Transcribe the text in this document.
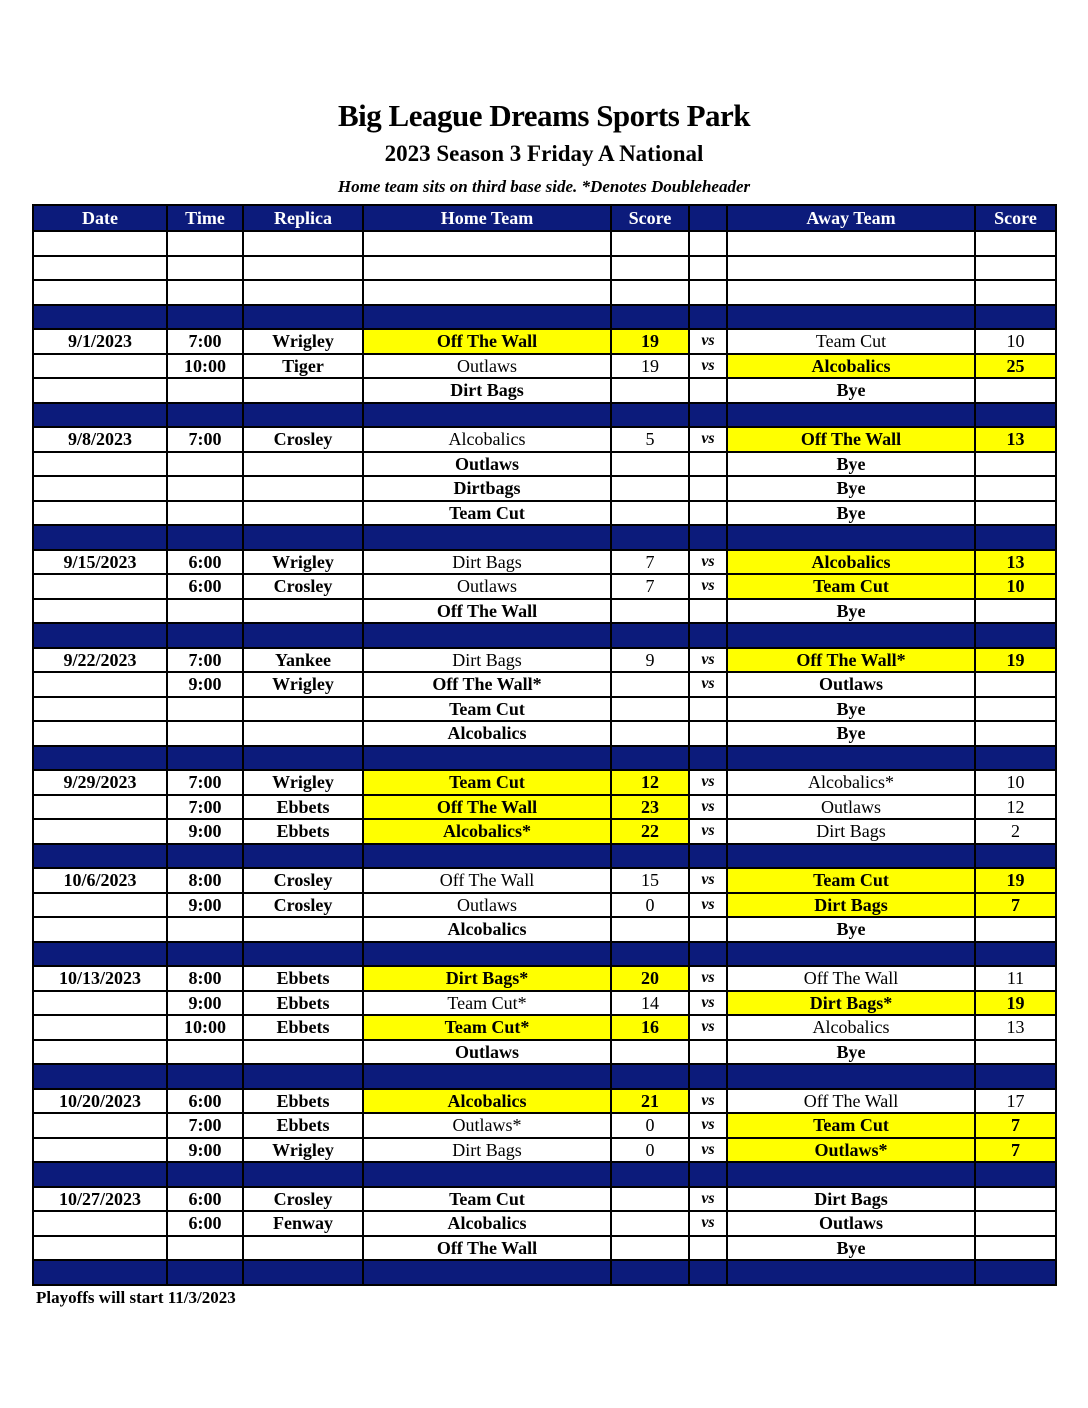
Big League Dreams Sports Park
2023 Season 3 Friday A National
Home team sits on third base side. *Denotes Doubleheader
Date	Time	Replica	Home Team	Score		Away Team	Score

9/1/2023	7:00	Wrigley	Off The Wall	19	vs	Team Cut	10
	10:00	Tiger	Outlaws	19	vs	Alcobalics	25
			Dirt Bags			Bye	

9/8/2023	7:00	Crosley	Alcobalics	5	vs	Off The Wall	13
			Outlaws			Bye	
			Dirtbags			Bye	
			Team Cut			Bye	

9/15/2023	6:00	Wrigley	Dirt Bags	7	vs	Alcobalics	13
	6:00	Crosley	Outlaws	7	vs	Team Cut	10
			Off The Wall			Bye	

9/22/2023	7:00	Yankee	Dirt Bags	9	vs	Off The Wall*	19
	9:00	Wrigley	Off The Wall*		vs	Outlaws	
			Team Cut			Bye	
			Alcobalics			Bye	

9/29/2023	7:00	Wrigley	Team Cut	12	vs	Alcobalics*	10
	7:00	Ebbets	Off The Wall	23	vs	Outlaws	12
	9:00	Ebbets	Alcobalics*	22	vs	Dirt Bags	2

10/6/2023	8:00	Crosley	Off The Wall	15	vs	Team Cut	19
	9:00	Crosley	Outlaws	0	vs	Dirt Bags	7
			Alcobalics			Bye	

10/13/2023	8:00	Ebbets	Dirt Bags*	20	vs	Off The Wall	11
	9:00	Ebbets	Team Cut*	14	vs	Dirt Bags*	19
	10:00	Ebbets	Team Cut*	16	vs	Alcobalics	13
			Outlaws			Bye	

10/20/2023	6:00	Ebbets	Alcobalics	21	vs	Off The Wall	17
	7:00	Ebbets	Outlaws*	0	vs	Team Cut	7
	9:00	Wrigley	Dirt Bags	0	vs	Outlaws*	7

10/27/2023	6:00	Crosley	Team Cut		vs	Dirt Bags	
	6:00	Fenway	Alcobalics		vs	Outlaws	
			Off The Wall			Bye	

Playoffs will start 11/3/2023
